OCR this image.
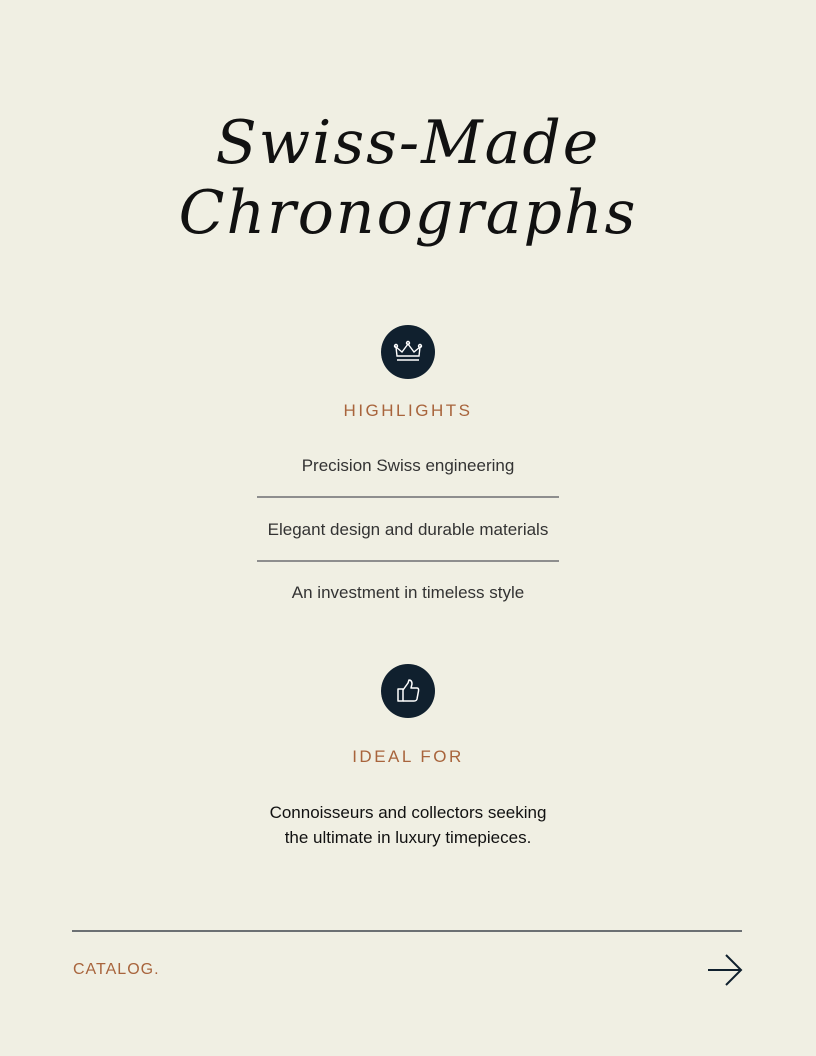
Swiss-Made
Chronographs
HIGHLIGHTS
Precision Swiss engineering
Elegant design and durable materials
An investment in timeless style
IDEAL FOR
Connoisseurs and collectors seeking
the ultimate in luxury timepieces.
CATALOG.
